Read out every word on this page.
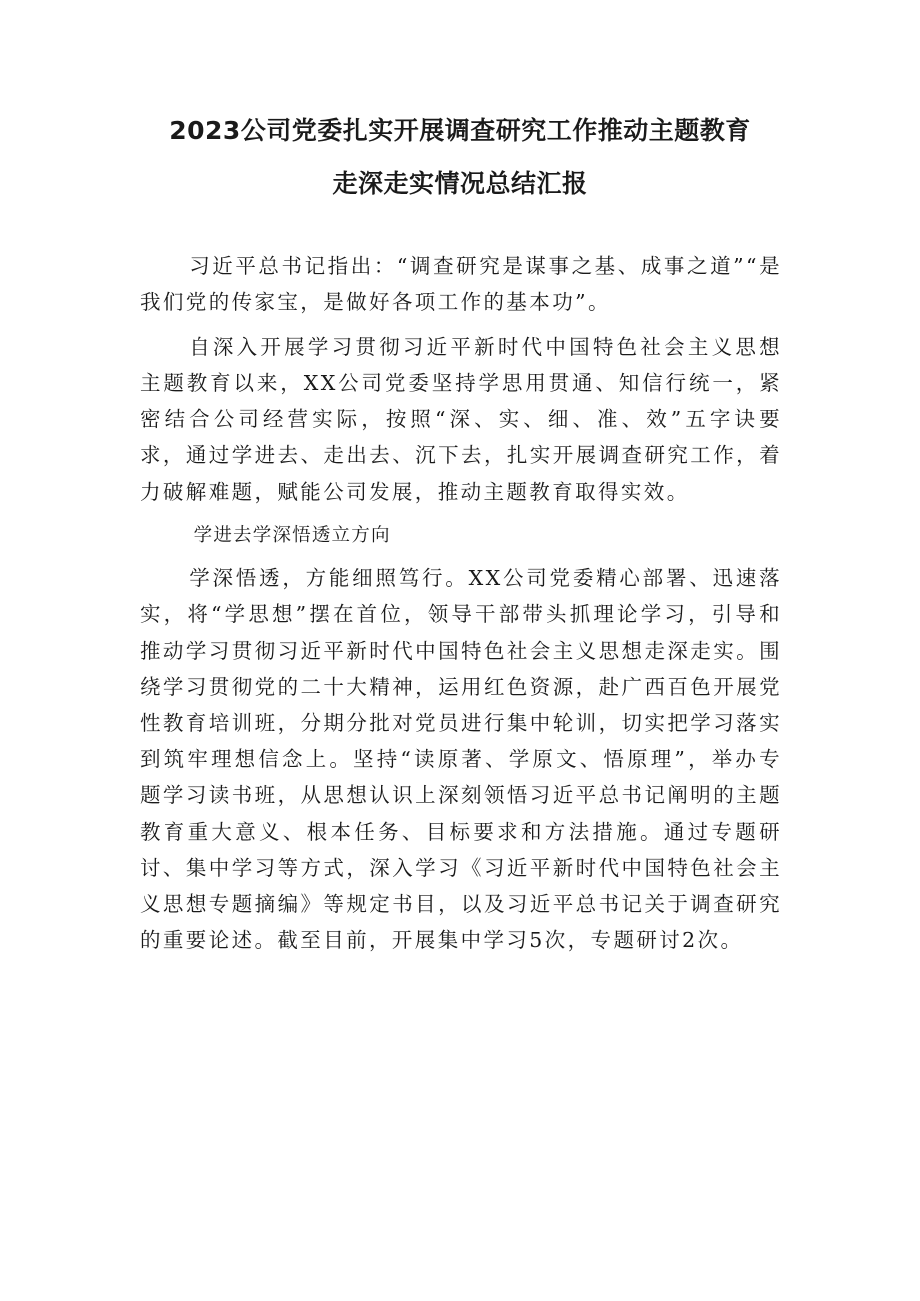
2023公司党委扎实开展调查研究工作推动主题教育
走深走实情况总结汇报

习近平总书记指出：“调查研究是谋事之基、成事之道”“是我们党的传家宝，是做好各项工作的基本功”。

自深入开展学习贯彻习近平新时代中国特色社会主义思想主题教育以来，XX公司党委坚持学思用贯通、知信行统一，紧密结合公司经营实际，按照“深、实、细、准、效”五字诀要求，通过学进去、走出去、沉下去，扎实开展调查研究工作，着力破解难题，赋能公司发展，推动主题教育取得实效。

学进去学深悟透立方向

学深悟透，方能细照笃行。XX公司党委精心部署、迅速落实，将“学思想”摆在首位，领导干部带头抓理论学习，引导和推动学习贯彻习近平新时代中国特色社会主义思想走深走实。围绕学习贯彻党的二十大精神，运用红色资源，赴广西百色开展党性教育培训班，分期分批对党员进行集中轮训，切实把学习落实到筑牢理想信念上。坚持“读原著、学原文、悟原理”，举办专题学习读书班，从思想认识上深刻领悟习近平总书记阐明的主题教育重大意义、根本任务、目标要求和方法措施。通过专题研讨、集中学习等方式，深入学习《习近平新时代中国特色社会主义思想专题摘编》等规定书目，以及习近平总书记关于调查研究的重要论述。截至目前，开展集中学习5次，专题研讨2次。
